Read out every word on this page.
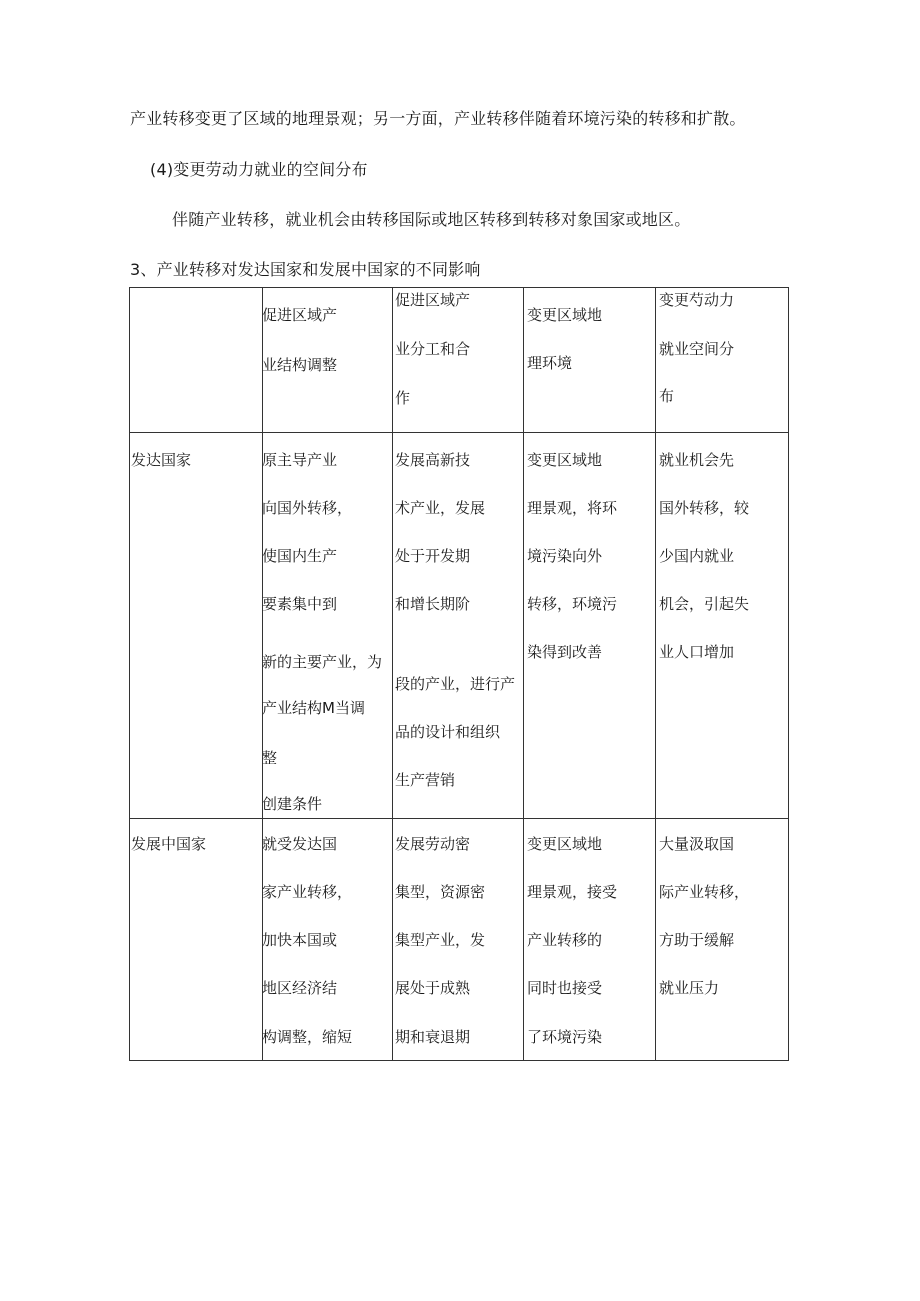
产业转移变更了区域的地理景观；另一方面，产业转移伴随着环境污染的转移和扩散。
(4)变更劳动力就业的空间分布
伴随产业转移，就业机会由转移国际或地区转移到转移对象国家或地区。
3、产业转移对发达国家和发展中国家的不同影响
促进区域产
业结构调整
促进区域产
业分工和合
作
变更区域地
理环境
变更芍动力
就业空间分
布
发达国家	原主导产业
向国外转移，
使国内生产
要素集中到
新的主要产业，为
产业结构M当调
整
创建条件
发展高新技
术产业，发展
处于开发期
和增长期阶
段的产业，进行产
品的设计和组织
生产营销
变更区域地
理景观，将环
境污染向外
转移，环境污
染得到改善
就业机会先
国外转移，较
少国内就业
机会，引起失
业人口增加
发展中国家	就受发达国
家产业转移，
加快本国或
地区经济结
构调整，缩短
发展劳动密
集型，资源密
集型产业，发
展处于成熟
期和衰退期
变更区域地
理景观，接受
产业转移的
同时也接受
了环境污染
大量汲取国
际产业转移，
方助于缓解
就业压力
